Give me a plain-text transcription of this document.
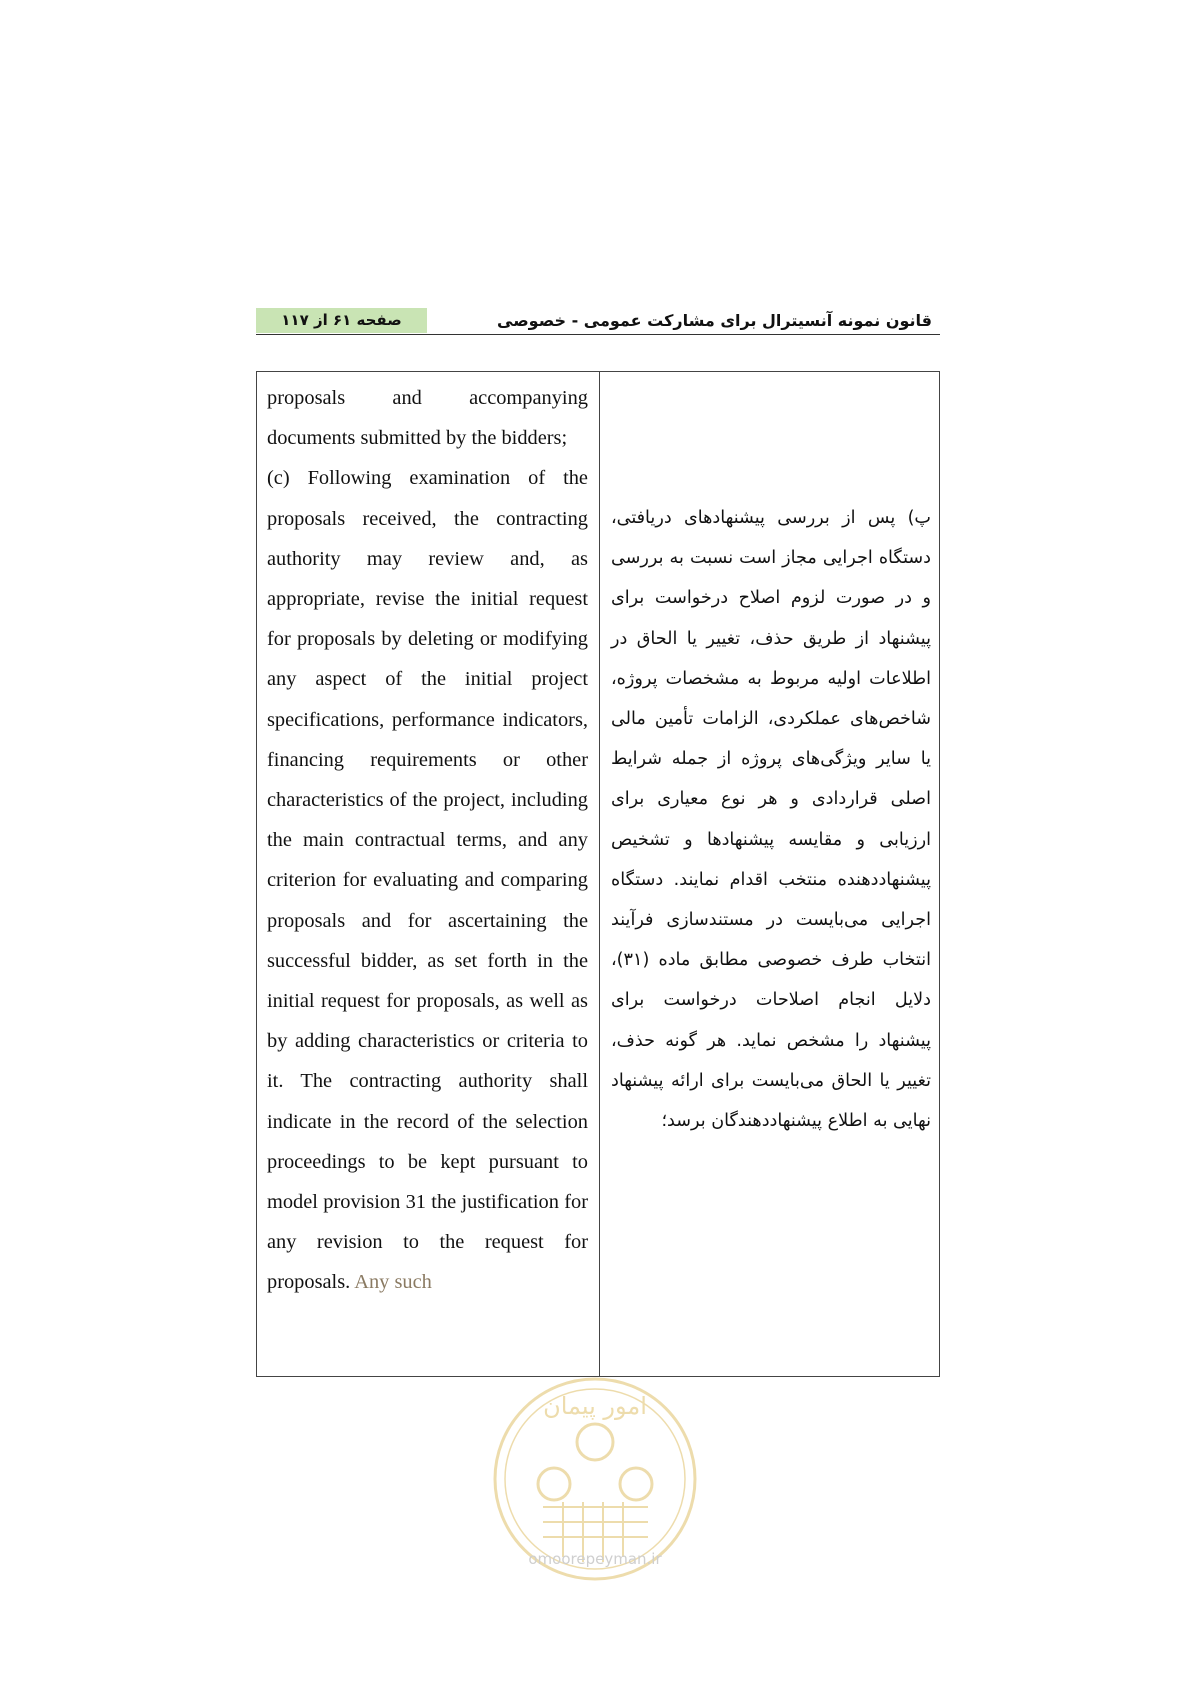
قانون نمونه آنسیترال برای مشارکت عمومی - خصوصی
صفحه ۶۱ از ۱۱۷

proposals and accompanying documents submitted by the bidders;

(c) Following examination of the proposals received, the contracting authority may review and, as appropriate, revise the initial request for proposals by deleting or modifying any aspect of the initial project specifications, performance indicators, financing requirements or other characteristics of the project, including the main contractual terms, and any criterion for evaluating and comparing proposals and for ascertaining the successful bidder, as set forth in the initial request for proposals, as well as by adding characteristics or criteria to it. The contracting authority shall indicate in the record of the selection proceedings to be kept pursuant to model provision 31 the justification for any revision to the request for proposals. Any such

پ) پس از بررسی پیشنهادهای دریافتی، دستگاه اجرایی مجاز است نسبت به بررسی و در صورت لزوم اصلاح درخواست برای پیشنهاد از طریق حذف، تغییر یا الحاق در اطلاعات اولیه مربوط به مشخصات پروژه، شاخص‌های عملکردی، الزامات تأمین مالی یا سایر ویژگی‌های پروژه از جمله شرایط اصلی قراردادی و هر نوع معیاری برای ارزیابی و مقایسه پیشنهادها و تشخیص پیشنهاددهنده منتخب اقدام نمایند. دستگاه اجرایی می‌بایست در مستندسازی فرآیند انتخاب طرف خصوصی مطابق ماده (۳۱)، دلایل انجام اصلاحات درخواست برای پیشنهاد را مشخص نماید. هر گونه حذف، تغییر یا الحاق می‌بایست برای ارائه پیشنهاد نهایی به اطلاع پیشنهاددهندگان برسد؛

امور پیمان
omoorepeyman.ir
